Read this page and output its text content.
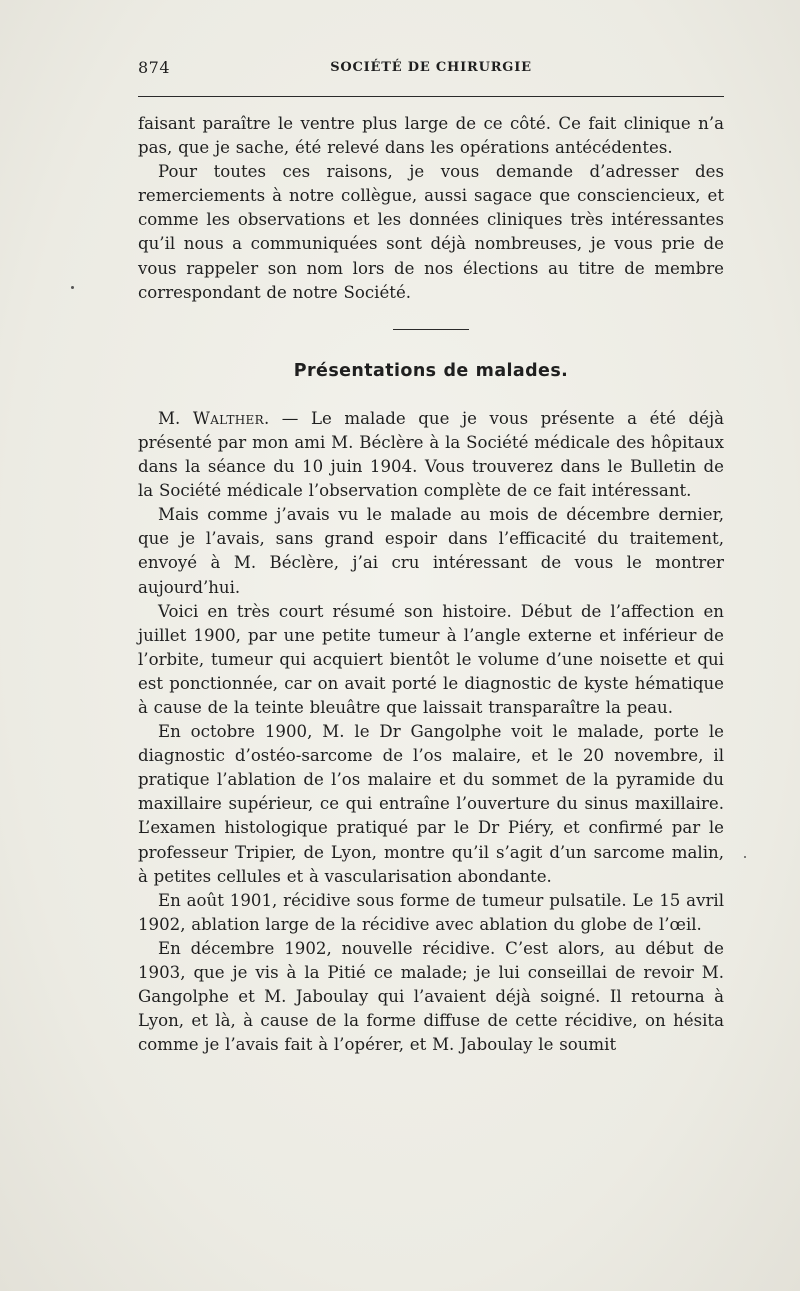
874	SOCIÉTÉ DE CHIRURGIE

faisant paraître le ventre plus large de ce côté. Ce fait clinique n’a pas, que je sache, été relevé dans les opérations antécédentes.

Pour toutes ces raisons, je vous demande d’adresser des remerciements à notre collègue, aussi sagace que consciencieux, et comme les observations et les données cliniques très intéressantes qu’il nous a communiquées sont déjà nombreuses, je vous prie de vous rappeler son nom lors de nos élections au titre de membre correspondant de notre Société.

Présentations de malades.

M. Walther. — Le malade que je vous présente a été déjà présenté par mon ami M. Béclère à la Société médicale des hôpitaux dans la séance du 10 juin 1904. Vous trouverez dans le Bulletin de la Société médicale l’observation complète de ce fait intéressant.

Mais comme j’avais vu le malade au mois de décembre dernier, que je l’avais, sans grand espoir dans l’efficacité du traitement, envoyé à M. Béclère, j’ai cru intéressant de vous le montrer aujourd’hui.

Voici en très court résumé son histoire. Début de l’affection en juillet 1900, par une petite tumeur à l’angle externe et inférieur de l’orbite, tumeur qui acquiert bientôt le volume d’une noisette et qui est ponctionnée, car on avait porté le diagnostic de kyste hématique à cause de la teinte bleuâtre que laissait transparaître la peau.

En octobre 1900, M. le Dr Gangolphe voit le malade, porte le diagnostic d’ostéo-sarcome de l’os malaire, et le 20 novembre, il pratique l’ablation de l’os malaire et du sommet de la pyramide du maxillaire supérieur, ce qui entraîne l’ouverture du sinus maxillaire. L’examen histologique pratiqué par le Dr Piéry, et confirmé par le professeur Tripier, de Lyon, montre qu’il s’agit d’un sarcome malin, à petites cellules et à vascularisation abondante.

En août 1901, récidive sous forme de tumeur pulsatile. Le 15 avril 1902, ablation large de la récidive avec ablation du globe de l’œil.

En décembre 1902, nouvelle récidive. C’est alors, au début de 1903, que je vis à la Pitié ce malade; je lui conseillai de revoir M. Gangolphe et M. Jaboulay qui l’avaient déjà soigné. Il retourna à Lyon, et là, à cause de la forme diffuse de cette récidive, on hésita comme je l’avais fait à l’opérer, et M. Jaboulay le soumit
